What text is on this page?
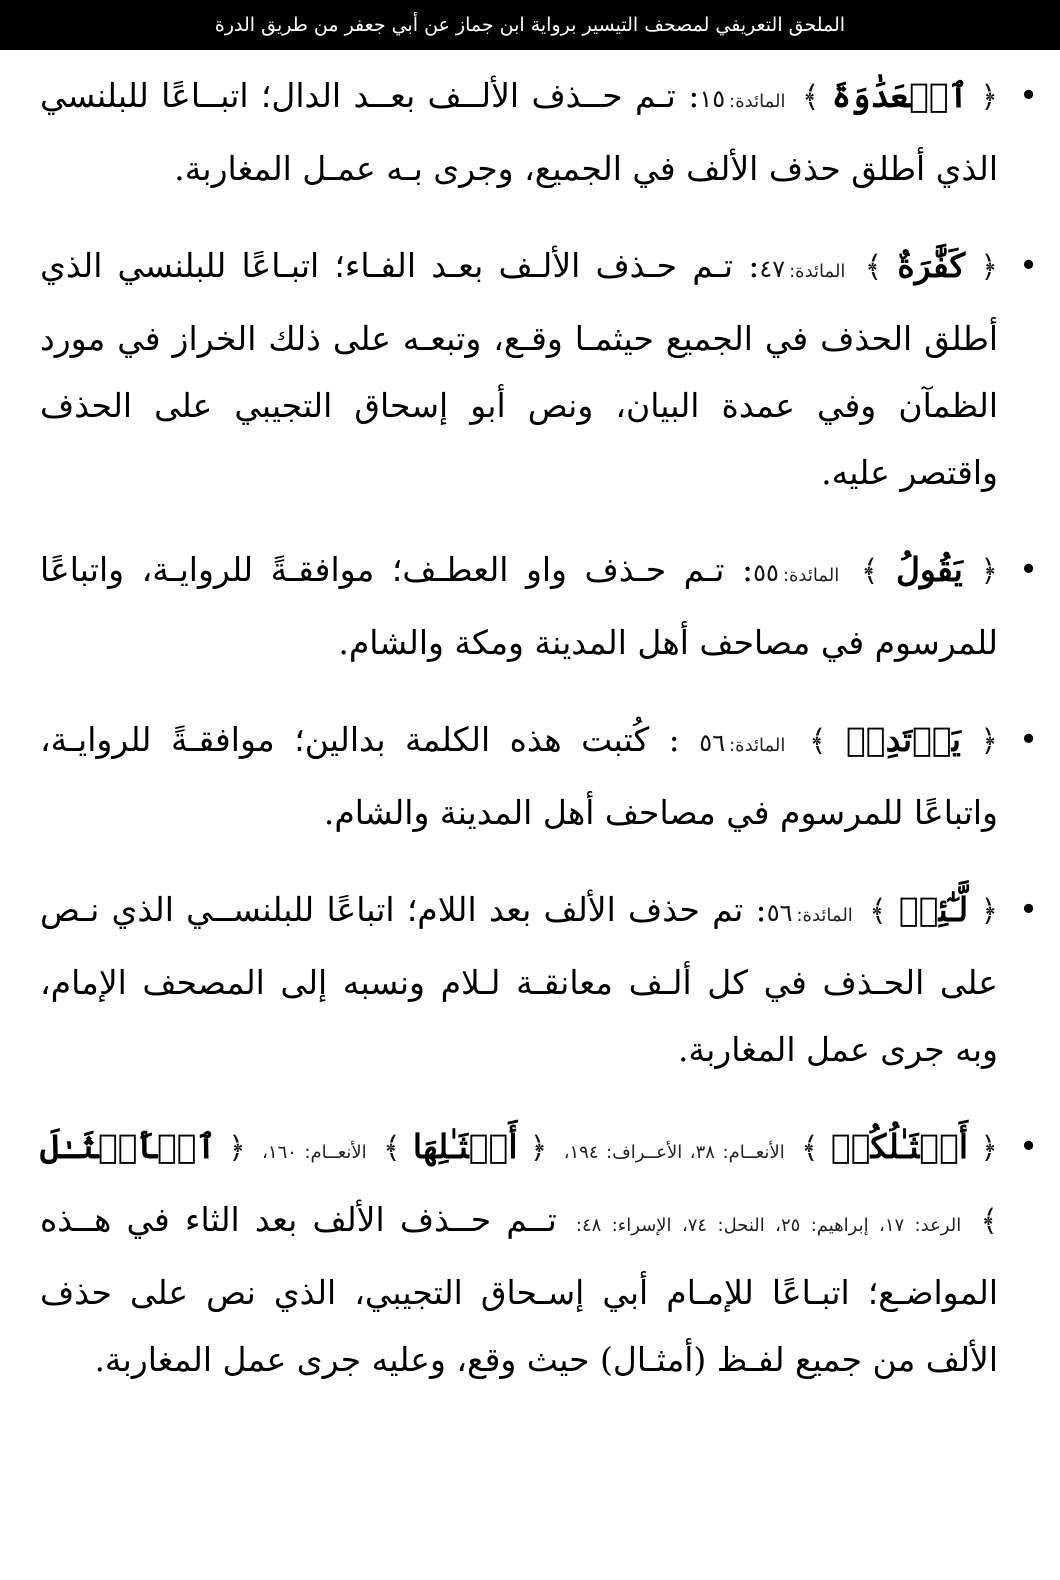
الملحق التعريفي لمصحف التيسير برواية ابن جماز عن أبي جعفر من طريق الدرة
•
﴿ ٱلۡعَدَٰوَةَ ﴾ المائدة:١٥: تـم حــذف الألــف بعــد الدال؛ اتبــاعًا للبلنسي الذي أطلق حذف الألف في الجميع، وجرى بـه عمـل المغاربة.
•
﴿ كَفَّٰرَةٌ ﴾ المائدة:٤٧: تـم حـذف الألـف بعـد الفـاء؛ اتبـاعًا للبلنسي الذي أطلق الحذف في الجميع حيثمـا وقـع، وتبعـه على ذلك الخراز في مورد الظمآن وفي عمدة البيان، ونص أبو إسحاق التجيبي على الحذف واقتصر عليه.
•
﴿ يَقُولُ ﴾ المائدة:٥٥: تـم حـذف واو العطـف؛ موافقـةً للروايـة، واتباعًا للمرسوم في مصاحف أهل المدينة ومكة والشام.
•
﴿ يَرۡتَدِدۡ ﴾ المائدة:٥٦ : كُتبت هذه الكلمة بدالين؛ موافقـةً للروايـة، واتباعًا للمرسوم في مصاحف أهل المدينة والشام.
•
﴿ لَّـٰٓئِمٖ ﴾ المائدة:٥٦: تم حذف الألف بعد اللام؛ اتباعًا للبلنســي الذي نـص على الحـذف في كل ألـف معانقـة لـلام ونسبه إلى المصحف الإمام، وبه جرى عمل المغاربة.
•
﴿ أَمۡثَـٰلُكُمۡ ﴾ الأنعــام: ٣٨، الأعــراف: ١٩٤، ﴿ أَمۡثَـٰلِهَا ﴾ الأنعــام: ١٦٠، ﴿ ٱلۡأَمۡثَـٰلَ ﴾ الرعد: ١٧، إبراهيم: ٢٥، النحل: ٧٤، الإسراء: ٤٨: تــم حــذف الألف بعد الثاء في هــذه المواضـع؛ اتبـاعًا للإمـام أبي إسـحاق التجيبي، الذي نص على حذف الألف من جميع لفـظ (أمثـال) حيث وقع، وعليه جرى عمل المغاربة.
